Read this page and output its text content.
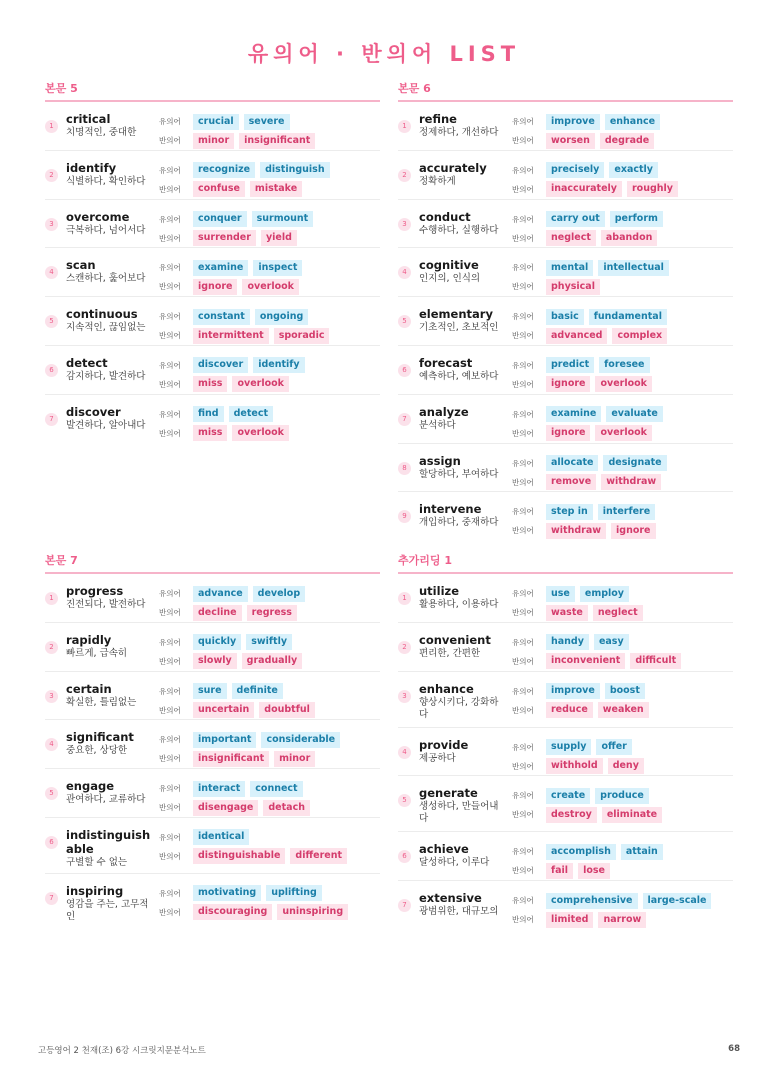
유의어 · 반의어 LIST
본문 5
1	critical
치명적인, 중대한
유의어	crucial	severe
반의어	minor	insignificant
2	identify
식별하다, 확인하다
유의어	recognize	distinguish
반의어	confuse	mistake
3	overcome
극복하다, 넘어서다
유의어	conquer	surmount
반의어	surrender	yield
4	scan
스캔하다, 훑어보다
유의어	examine	inspect
반의어	ignore	overlook
5	continuous
지속적인, 끊임없는
유의어	constant	ongoing
반의어	intermittent	sporadic
6	detect
감지하다, 발견하다
유의어	discover	identify
반의어	miss	overlook
7	discover
발견하다, 알아내다
유의어	find	detect
반의어	miss	overlook
본문 6
1	refine
정제하다, 개선하다
유의어	improve	enhance
반의어	worsen	degrade
2	accurately
정확하게
유의어	precisely	exactly
반의어	inaccurately	roughly
3	conduct
수행하다, 실행하다
유의어	carry out	perform
반의어	neglect	abandon
4	cognitive
인지의, 인식의
유의어	mental	intellectual
반의어	physical
5	elementary
기초적인, 초보적인
유의어	basic	fundamental
반의어	advanced	complex
6	forecast
예측하다, 예보하다
유의어	predict	foresee
반의어	ignore	overlook
7	analyze
분석하다
유의어	examine	evaluate
반의어	ignore	overlook
8	assign
할당하다, 부여하다
유의어	allocate	designate
반의어	remove	withdraw
9	intervene
개입하다, 중재하다
유의어	step in	interfere
반의어	withdraw	ignore
본문 7
1	progress
진전되다, 발전하다
유의어	advance	develop
반의어	decline	regress
2	rapidly
빠르게, 급속히
유의어	quickly	swiftly
반의어	slowly	gradually
3	certain
확실한, 틀림없는
유의어	sure	definite
반의어	uncertain	doubtful
4	significant
중요한, 상당한
유의어	important	considerable
반의어	insignificant	minor
5	engage
관여하다, 교류하다
유의어	interact	connect
반의어	disengage	detach
6	indistinguishable
구별할 수 없는
유의어	identical
반의어	distinguishable	different
7	inspiring
영감을 주는, 고무적인
유의어	motivating	uplifting
반의어	discouraging	uninspiring
추가리딩 1
1	utilize
활용하다, 이용하다
유의어	use	employ
반의어	waste	neglect
2	convenient
편리한, 간편한
유의어	handy	easy
반의어	inconvenient	difficult
3	enhance
향상시키다, 강화하다
유의어	improve	boost
반의어	reduce	weaken
4	provide
제공하다
유의어	supply	offer
반의어	withhold	deny
5	generate
생성하다, 만들어내다
유의어	create	produce
반의어	destroy	eliminate
6	achieve
달성하다, 이루다
유의어	accomplish	attain
반의어	fail	lose
7	extensive
광범위한, 대규모의
유의어	comprehensive	large-scale
반의어	limited	narrow
고등영어 2 천재(조) 6강 시크릿지문분석노트	68
